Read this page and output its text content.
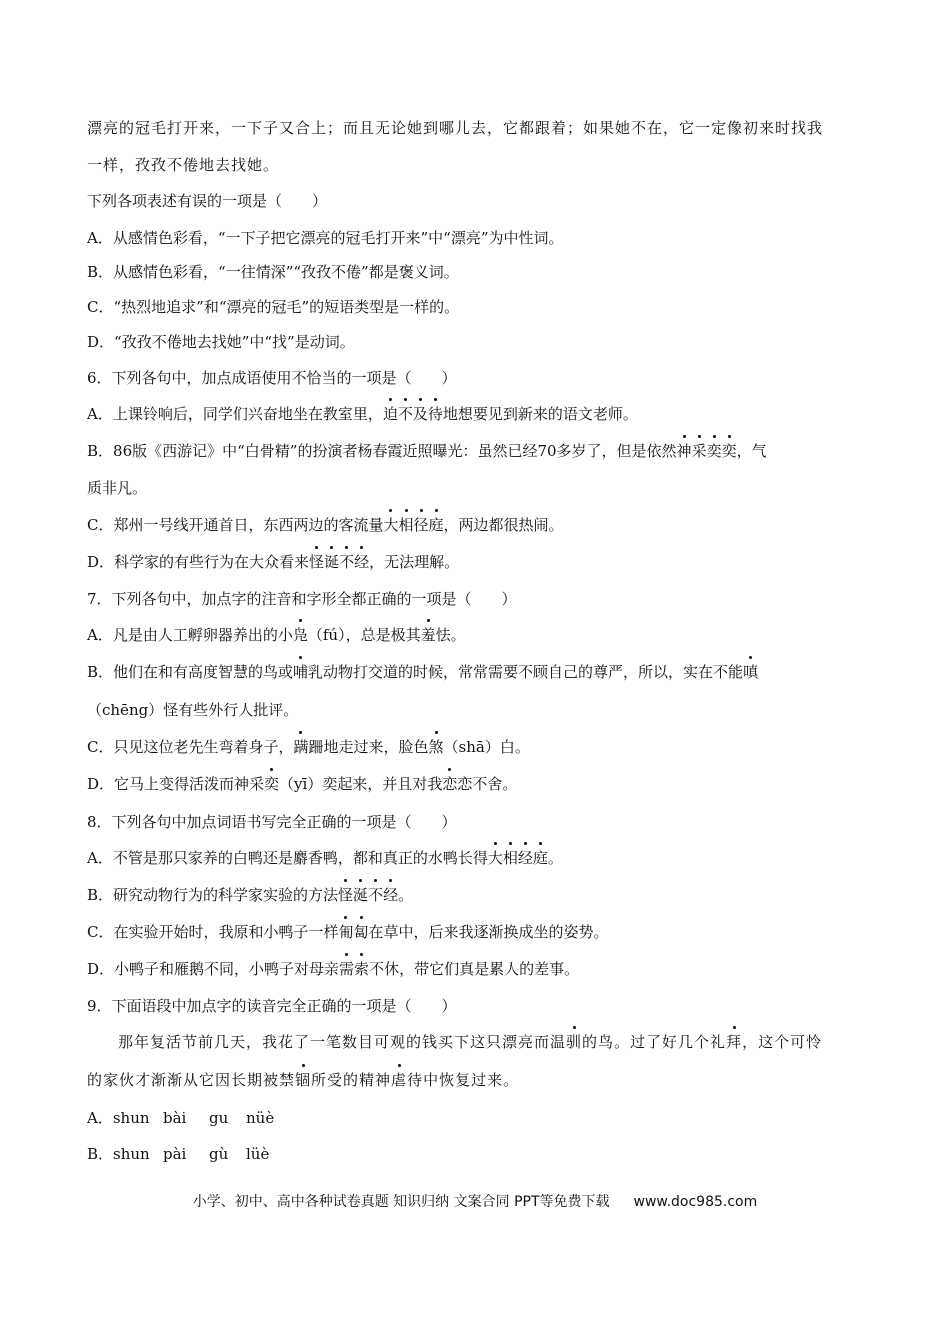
漂亮的冠毛打开来，一下子又合上；而且无论她到哪儿去，它都跟着；如果她不在，它一定像初来时找我
一样，孜孜不倦地去找她。
下列各项表述有误的一项是（　　）
A．从感情色彩看，“一下子把它漂亮的冠毛打开来”中“漂亮”为中性词。
B．从感情色彩看，“一往情深”“孜孜不倦”都是褒义词。
C．“热烈地追求”和“漂亮的冠毛”的短语类型是一样的。
D．“孜孜不倦地去找她”中“找”是动词。
6．下列各句中，加点成语使用不恰当的一项是（　　）
A．上课铃响后，同学们兴奋地坐在教室里，迫不及待地想要见到新来的语文老师。
B．86版《西游记》中“白骨精”的扮演者杨春霞近照曝光：虽然已经70多岁了，但是依然神采奕奕，气
质非凡。
C．郑州一号线开通首日，东西两边的客流量大相径庭，两边都很热闹。
D．科学家的有些行为在大众看来怪诞不经，无法理解。
7．下列各句中，加点字的注音和字形全都正确的一项是（　　）
A．凡是由人工孵卵器养出的小凫（fú），总是极其羞怯。
B．他们在和有高度智慧的鸟或哺乳动物打交道的时候，常常需要不顾自己的尊严，所以，实在不能嗔
（chēng）怪有些外行人批评。
C．只见这位老先生弯着身子，蹒跚地走过来，脸色煞（shā）白。
D．它马上变得活泼而神采奕（yī）奕起来，并且对我恋恋不舍。
8．下列各句中加点词语书写完全正确的一项是（　　）
A．不管是那只家养的白鸭还是麝香鸭，都和真正的水鸭长得大相经庭。
B．研究动物行为的科学家实验的方法怪涎不经。
C．在实验开始时，我原和小鸭子一样匍匐在草中，后来我逐渐换成坐的姿势。
D．小鸭子和雁鹅不同，小鸭子对母亲需索不休，带它们真是累人的差事。
9．下面语段中加点字的读音完全正确的一项是（　　）
那年复活节前几天，我花了一笔数目可观的钱买下这只漂亮而温驯的鸟。过了好几个礼拜，这个可怜
的家伙才渐渐从它因长期被禁锢所受的精神虐待中恢复过来。
A．shun bài gu nüè
B．shun pài gù lüè
小学、初中、高中各种试卷真题 知识归纳 文案合同 PPT等免费下载 www.doc985.com
